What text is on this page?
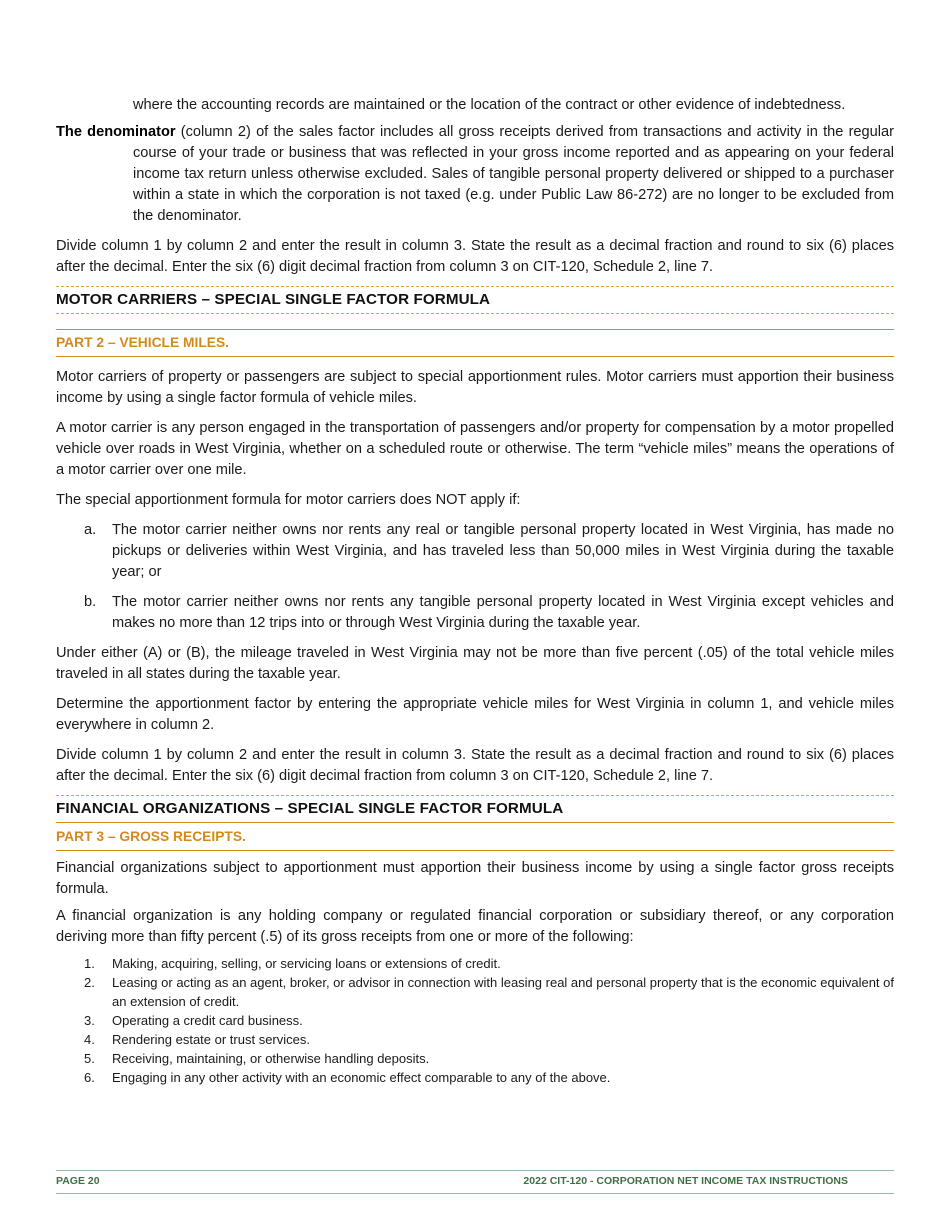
where the accounting records are maintained or the location of the contract or other evidence of indebtedness.

The denominator (column 2) of the sales factor includes all gross receipts derived from transactions and activity in the regular course of your trade or business that was reflected in your gross income reported and as appearing on your federal income tax return unless otherwise excluded. Sales of tangible personal property delivered or shipped to a purchaser within a state in which the corporation is not taxed (e.g. under Public Law 86-272) are no longer to be excluded from the denominator.

Divide column 1 by column 2 and enter the result in column 3. State the result as a decimal fraction and round to six (6) places after the decimal. Enter the six (6) digit decimal fraction from column 3 on CIT-120, Schedule 2, line 7.

MOTOR CARRIERS – SPECIAL SINGLE FACTOR FORMULA
PART 2 – VEHICLE MILES.

Motor carriers of property or passengers are subject to special apportionment rules. Motor carriers must apportion their business income by using a single factor formula of vehicle miles.

A motor carrier is any person engaged in the transportation of passengers and/or property for compensation by a motor propelled vehicle over roads in West Virginia, whether on a scheduled route or otherwise. The term “vehicle miles” means the operations of a motor carrier over one mile.

The special apportionment formula for motor carriers does NOT apply if:

a. The motor carrier neither owns nor rents any real or tangible personal property located in West Virginia, has made no pickups or deliveries within West Virginia, and has traveled less than 50,000 miles in West Virginia during the taxable year; or

b. The motor carrier neither owns nor rents any tangible personal property located in West Virginia except vehicles and makes no more than 12 trips into or through West Virginia during the taxable year.

Under either (A) or (B), the mileage traveled in West Virginia may not be more than five percent (.05) of the total vehicle miles traveled in all states during the taxable year.

Determine the apportionment factor by entering the appropriate vehicle miles for West Virginia in column 1, and vehicle miles everywhere in column 2.

Divide column 1 by column 2 and enter the result in column 3. State the result as a decimal fraction and round to six (6) places after the decimal. Enter the six (6) digit decimal fraction from column 3 on CIT-120, Schedule 2, line 7.

FINANCIAL ORGANIZATIONS – SPECIAL SINGLE FACTOR FORMULA
PART 3 – GROSS RECEIPTS.

Financial organizations subject to apportionment must apportion their business income by using a single factor gross receipts formula.

A financial organization is any holding company or regulated financial corporation or subsidiary thereof, or any corporation deriving more than fifty percent (.5) of its gross receipts from one or more of the following:

1. Making, acquiring, selling, or servicing loans or extensions of credit.

2. Leasing or acting as an agent, broker, or advisor in connection with leasing real and personal property that is the economic equivalent of an extension of credit.

3. Operating a credit card business.

4. Rendering estate or trust services.

5. Receiving, maintaining, or otherwise handling deposits.

6. Engaging in any other activity with an economic effect comparable to any of the above.

PAGE 20	2022 CIT-120 - CORPORATION NET INCOME TAX INSTRUCTIONS
